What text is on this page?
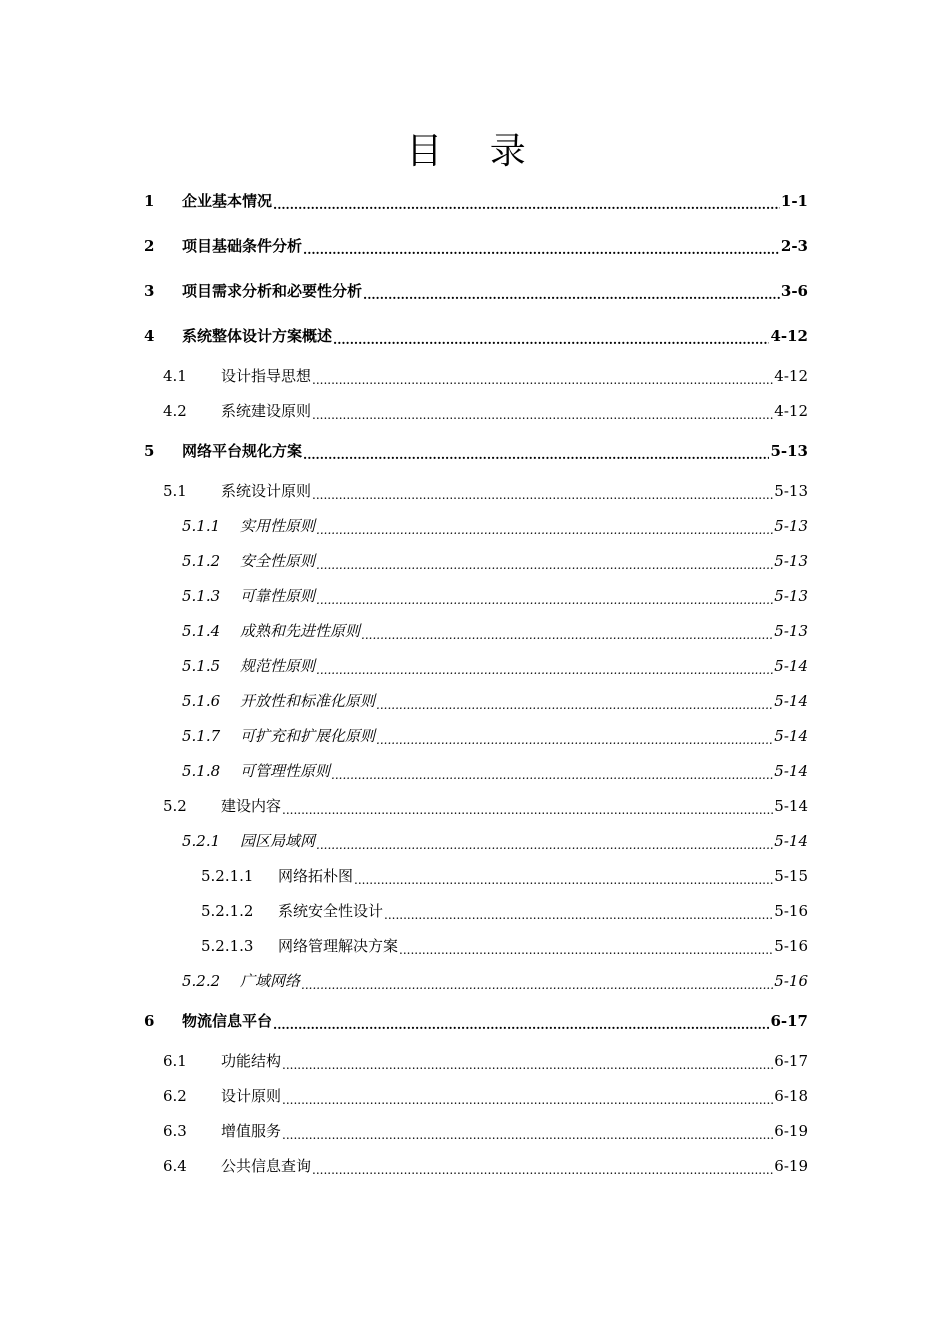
目 录
1	企业基本情况 .....	1-1
2	项目基础条件分析 .....	2-3
3	项目需求分析和必要性分析 .....	3-6
4	系统整体设计方案概述 .....	4-12
4.1	设计指导思想 .....	4-12
4.2	系统建设原则 .....	4-12
5	网络平台规化方案 .....	5-13
5.1	系统设计原则 .....	5-13
5.1.1	实用性原则 .....	5-13
5.1.2	安全性原则 .....	5-13
5.1.3	可靠性原则 .....	5-13
5.1.4	成熟和先进性原则 .....	5-13
5.1.5	规范性原则 .....	5-14
5.1.6	开放性和标准化原则 .....	5-14
5.1.7	可扩充和扩展化原则 .....	5-14
5.1.8	可管理性原则 .....	5-14
5.2	建设内容 .....	5-14
5.2.1	园区局域网 .....	5-14
5.2.1.1	网络拓朴图 .....	5-15
5.2.1.2	系统安全性设计 .....	5-16
5.2.1.3	网络管理解决方案 .....	5-16
5.2.2	广域网络 .....	5-16
6	物流信息平台 .....	6-17
6.1	功能结构 .....	6-17
6.2	设计原则 .....	6-18
6.3	增值服务 .....	6-19
6.4	公共信息查询 .....	6-19
